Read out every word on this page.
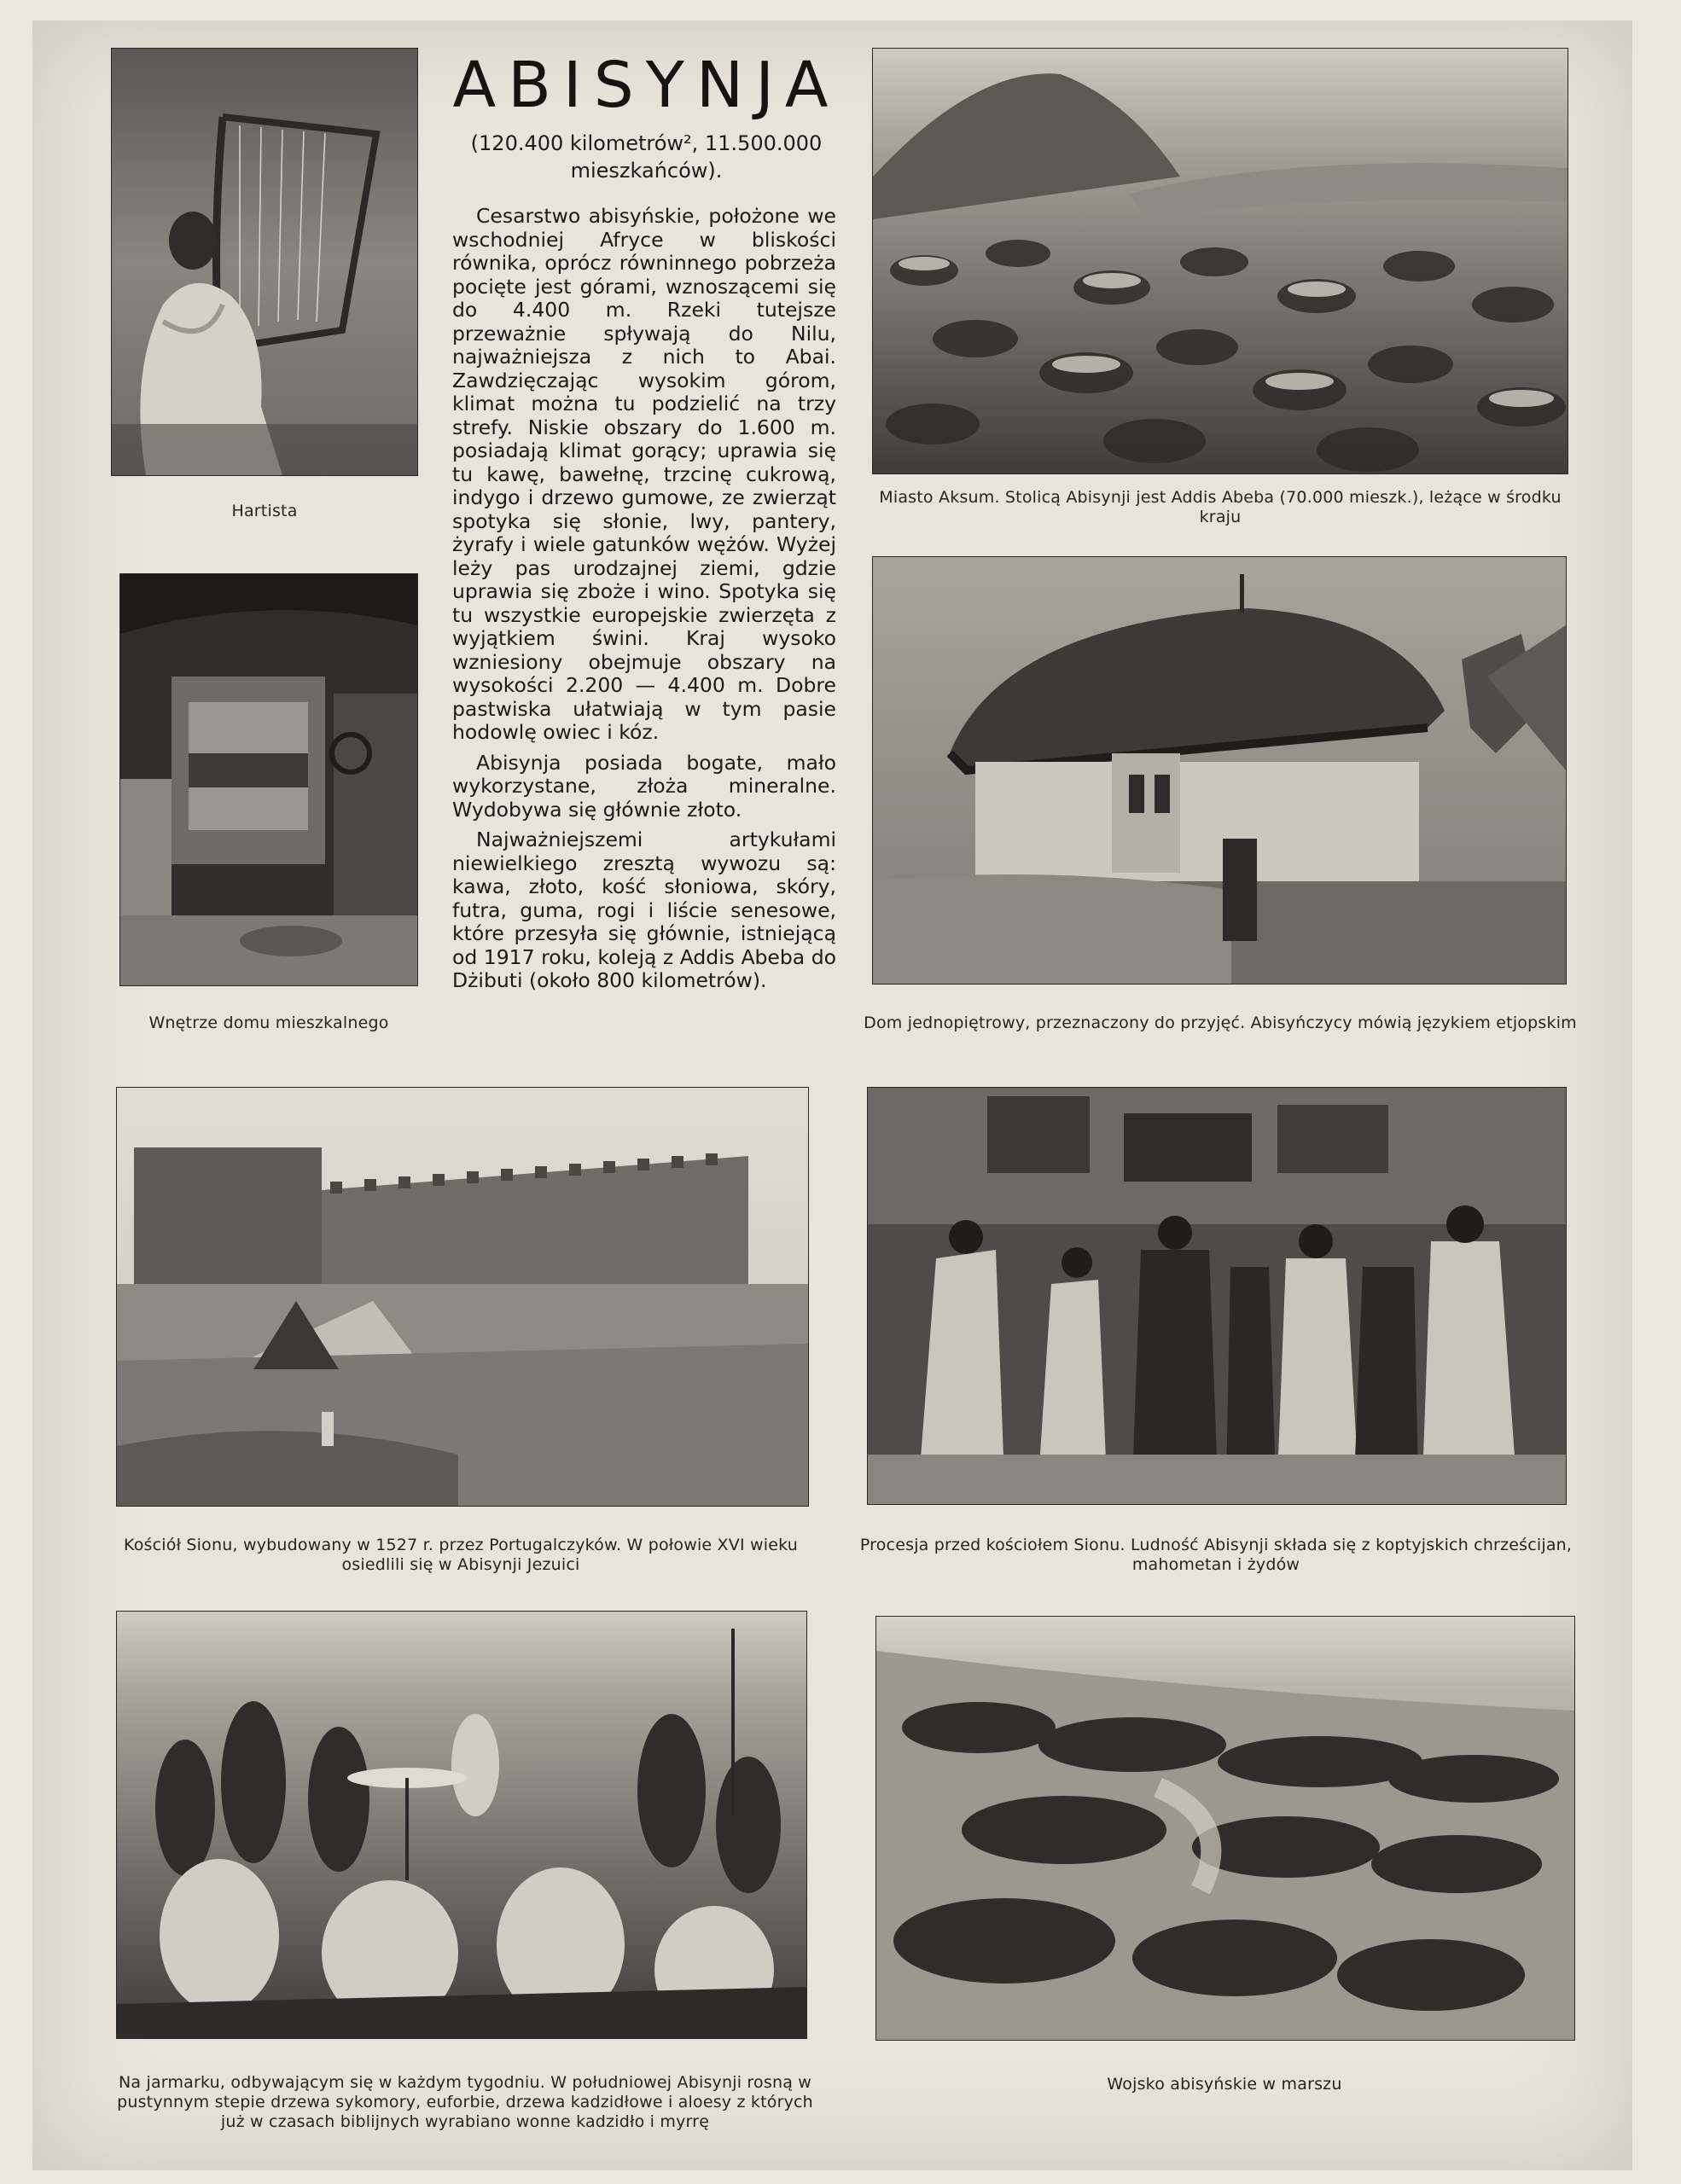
ABISYNJA
(120.400 kilometrów², 11.500.000 mieszkańców).

Cesarstwo abisyńskie, położone we wschodniej Afryce w bliskości równika, oprócz równinnego pobrzeża pocięte jest górami, wznoszącemi się do 4.400 m. Rzeki tutejsze przeważnie spływają do Nilu, najważniejsza z nich to Abai. Zawdzięczając wysokim górom, klimat można tu podzielić na trzy strefy. Niskie obszary do 1.600 m. posiadają klimat gorący; uprawia się tu kawę, bawełnę, trzcinę cukrową, indygo i drzewo gumowe, ze zwierząt spotyka się słonie, lwy, pantery, żyrafy i wiele gatunków wężów. Wyżej leży pas urodzajnej ziemi, gdzie uprawia się zboże i wino. Spotyka się tu wszystkie europejskie zwierzęta z wyjątkiem świni. Kraj wysoko wzniesiony obejmuje obszary na wysokości 2.200 — 4.400 m. Dobre pastwiska ułatwiają w tym pasie hodowlę owiec i kóz.

Abisynja posiada bogate, mało wykorzystane, złoża mineralne. Wydobywa się głównie złoto.

Najważniejszemi artykułami niewielkiego zresztą wywozu są: kawa, złoto, kość słoniowa, skóry, futra, guma, rogi i liście senesowe, które przesyła się głównie, istniejącą od 1917 roku, koleją z Addis Abeba do Dżibuti (około 800 kilometrów).

Hartista
Miasto Aksum. Stolicą Abisynji jest Addis Abeba (70.000 mieszk.), leżące w środku kraju
Wnętrze domu mieszkalnego	Dom jednopiętrowy, przeznaczony do przyjęć. Abisyńczycy mówią językiem etjopskim
Kościół Sionu, wybudowany w 1527 r. przez Portugalczyków. W połowie XVI wieku osiedlili się w Abisynji Jezuici
Procesja przed kościołem Sionu. Ludność Abisynji składa się z koptyjskich chrześcijan, mahometan i żydów
Na jarmarku, odbywającym się w każdym tygodniu. W południowej Abisynji rosną w pustynnym stepie drzewa sykomory, euforbie, drzewa kadzidłowe i aloesy z których już w czasach biblijnych wyrabiano wonne kadzidło i myrrę
Wojsko abisyńskie w marszu
